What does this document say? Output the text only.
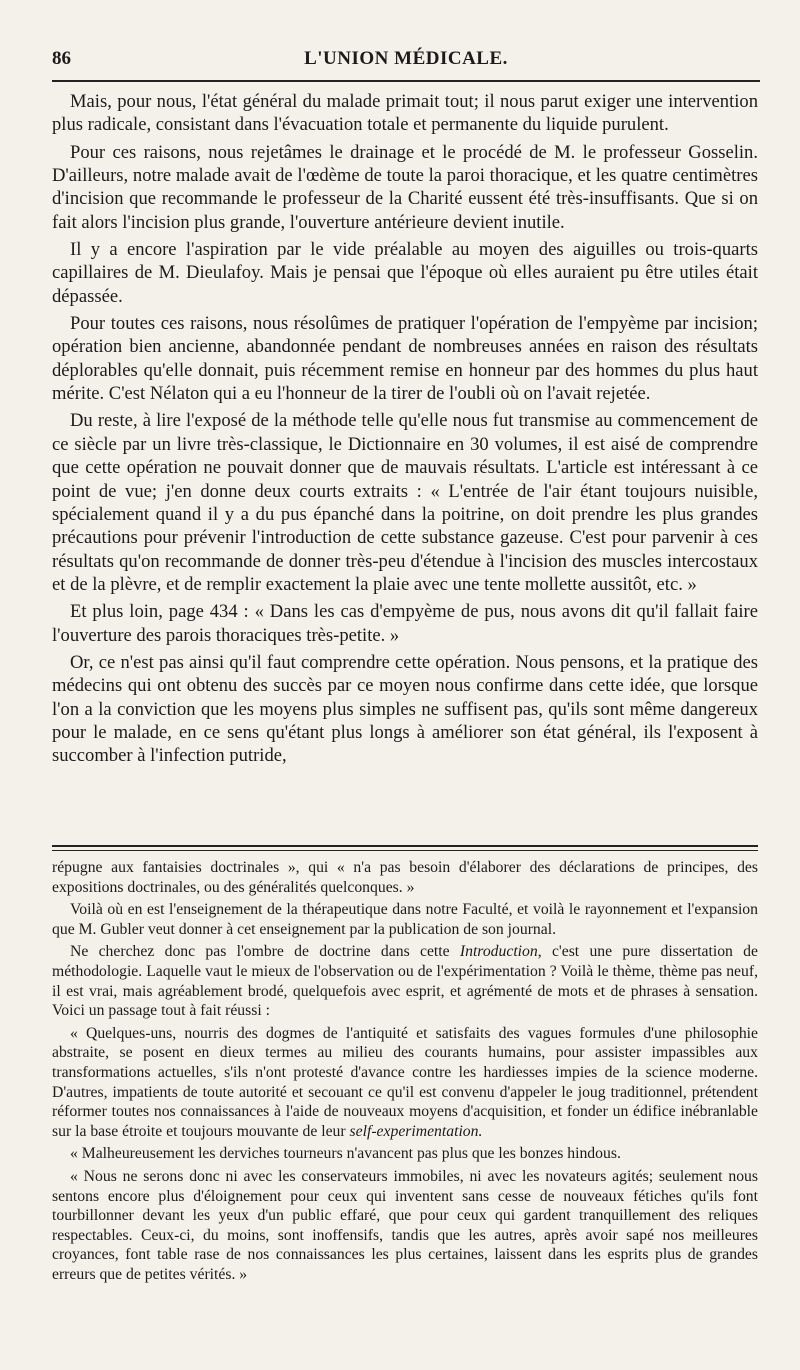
86	L'UNION MÉDICALE.

Mais, pour nous, l'état général du malade primait tout; il nous parut exiger une intervention plus radicale, consistant dans l'évacuation totale et permanente du liquide purulent.

Pour ces raisons, nous rejetâmes le drainage et le procédé de M. le professeur Gosselin. D'ailleurs, notre malade avait de l'œdème de toute la paroi thoracique, et les quatre centimètres d'incision que recommande le professeur de la Charité eussent été très-insuffisants. Que si on fait alors l'incision plus grande, l'ouverture antérieure devient inutile.

Il y a encore l'aspiration par le vide préalable au moyen des aiguilles ou trois-quarts capillaires de M. Dieulafoy. Mais je pensai que l'époque où elles auraient pu être utiles était dépassée.

Pour toutes ces raisons, nous résolûmes de pratiquer l'opération de l'empyème par incision; opération bien ancienne, abandonnée pendant de nombreuses années en raison des résultats déplorables qu'elle donnait, puis récemment remise en honneur par des hommes du plus haut mérite. C'est Nélaton qui a eu l'honneur de la tirer de l'oubli où on l'avait rejetée.

Du reste, à lire l'exposé de la méthode telle qu'elle nous fut transmise au commencement de ce siècle par un livre très-classique, le Dictionnaire en 30 volumes, il est aisé de comprendre que cette opération ne pouvait donner que de mauvais résultats. L'article est intéressant à ce point de vue; j'en donne deux courts extraits : « L'entrée de l'air étant toujours nuisible, spécialement quand il y a du pus épanché dans la poitrine, on doit prendre les plus grandes précautions pour prévenir l'introduction de cette substance gazeuse. C'est pour parvenir à ces résultats qu'on recommande de donner très-peu d'étendue à l'incision des muscles intercostaux et de la plèvre, et de remplir exactement la plaie avec une tente mollette aussitôt, etc. »

Et plus loin, page 434 : « Dans les cas d'empyème de pus, nous avons dit qu'il fallait faire l'ouverture des parois thoraciques très-petite. »

Or, ce n'est pas ainsi qu'il faut comprendre cette opération. Nous pensons, et la pratique des médecins qui ont obtenu des succès par ce moyen nous confirme dans cette idée, que lorsque l'on a la conviction que les moyens plus simples ne suffisent pas, qu'ils sont même dangereux pour le malade, en ce sens qu'étant plus longs à améliorer son état général, ils l'exposent à succomber à l'infection putride,

répugne aux fantaisies doctrinales », qui « n'a pas besoin d'élaborer des déclarations de principes, des expositions doctrinales, ou des généralités quelconques. »

Voilà où en est l'enseignement de la thérapeutique dans notre Faculté, et voilà le rayonnement et l'expansion que M. Gubler veut donner à cet enseignement par la publication de son journal.

Ne cherchez donc pas l'ombre de doctrine dans cette Introduction, c'est une pure dissertation de méthodologie. Laquelle vaut le mieux de l'observation ou de l'expérimentation ? Voilà le thème, thème pas neuf, il est vrai, mais agréablement brodé, quelquefois avec esprit, et agrémenté de mots et de phrases à sensation. Voici un passage tout à fait réussi :

« Quelques-uns, nourris des dogmes de l'antiquité et satisfaits des vagues formules d'une philosophie abstraite, se posent en dieux termes au milieu des courants humains, pour assister impassibles aux transformations actuelles, s'ils n'ont protesté d'avance contre les hardiesses impies de la science moderne. D'autres, impatients de toute autorité et secouant ce qu'il est convenu d'appeler le joug traditionnel, prétendent réformer toutes nos connaissances à l'aide de nouveaux moyens d'acquisition, et fonder un édifice inébranlable sur la base étroite et toujours mouvante de leur self-experimentation.

« Malheureusement les derviches tourneurs n'avancent pas plus que les bonzes hindous.

« Nous ne serons donc ni avec les conservateurs immobiles, ni avec les novateurs agités; seulement nous sentons encore plus d'éloignement pour ceux qui inventent sans cesse de nouveaux fétiches qu'ils font tourbillonner devant les yeux d'un public effaré, que pour ceux qui gardent tranquillement des reliques respectables. Ceux-ci, du moins, sont inoffensifs, tandis que les autres, après avoir sapé nos meilleures croyances, font table rase de nos connaissances les plus certaines, laissent dans les esprits plus de grandes erreurs que de petites vérités. »
